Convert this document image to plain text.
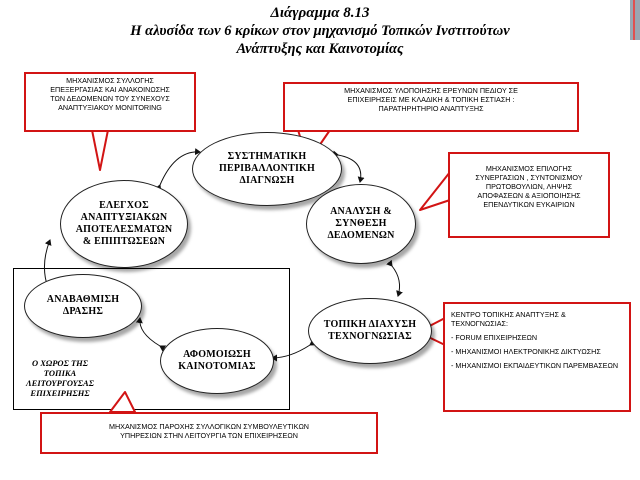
Διάγραμμα 8.13
Η αλυσίδα των 6 κρίκων στον μηχανισμό Τοπικών Ινστιτούτων
Ανάπτυξης και Καινοτομίας
ΜΗΧΑΝΙΣΜΟΣ ΣΥΛΛΟΓΗΣ
ΕΠΕΞΕΡΓΑΣΙΑΣ ΚΑΙ ΑΝΑΚΟΙΝΩΣΗΣ
ΤΩΝ ΔΕΔΟΜΕΝΩΝ ΤΟΥ ΣΥΝΕΧΟΥΣ
ΑΝΑΠΤΥΞΙΑΚΟΥ MONITORING
ΜΗΧΑΝΙΣΜΟΣ ΥΛΟΠΟΙΗΣΗΣ ΕΡΕΥΝΩΝ ΠΕΔΙΟΥ ΣΕ
ΕΠΙΧΕΙΡΗΣΕΙΣ ΜΕ ΚΛΑΔΙΚΗ & ΤΟΠΙΚΗ ΕΣΤΙΑΣΗ :
ΠΑΡΑΤΗΡΗΤΗΡΙΟ ΑΝΑΠΤΥΞΗΣ
ΜΗΧΑΝΙΣΜΟΣ ΕΠΙΛΟΓΗΣ
ΣΥΝΕΡΓΑΣΙΩΝ , ΣΥΝΤΟΝΙΣΜΟΥ
ΠΡΩΤΟΒΟΥΛΙΩΝ, ΛΗΨΗΣ
ΑΠΟΦΑΣΕΩΝ & ΑΞΙΟΠΟΙΗΣΗΣ
ΕΠΕΝΔΥΤΙΚΩΝ ΕΥΚΑΙΡΙΩΝ
ΚΕΝΤΡΟ ΤΟΠΙΚΗΣ ΑΝΑΠΤΥΞΗΣ &
ΤΕΧΝΟΓΝΩΣΙΑΣ:
- FORUM ΕΠΙΧΕΙΡΗΣΕΩΝ
- ΜΗΧΑΝΙΣΜΟΙ ΗΛΕΚΤΡΟΝΙΚΗΣ ΔΙΚΤΥΩΣΗΣ
- ΜΗΧΑΝΙΣΜΟΙ ΕΚΠΑΙΔΕΥΤΙΚΩΝ ΠΑΡΕΜΒΑΣΕΩΝ
ΜΗΧΑΝΙΣΜΟΣ ΠΑΡΟΧΗΣ ΣΥΛΛΟΓΙΚΩΝ ΣΥΜΒΟΥΛΕΥΤΙΚΩΝ
ΥΠΗΡΕΣΙΩΝ ΣΤΗΝ ΛΕΙΤΟΥΡΓΙΑ ΤΩΝ ΕΠΙΧΕΙΡΗΣΕΩΝ
ΣΥΣΤΗΜΑΤΙΚΗ
ΠΕΡΙΒΑΛΛΟΝΤΙΚΗ
ΔΙΑΓΝΩΣΗ
ΕΛΕΓΧΟΣ
ΑΝΑΠΤΥΞΙΑΚΩΝ
ΑΠΟΤΕΛΕΣΜΑΤΩΝ
& ΕΠΙΠΤΩΣΕΩΝ
ΑΝΑΛΥΣΗ &
ΣΥΝΘΕΣΗ
ΔΕΔΟΜΕΝΩΝ
ΤΟΠΙΚΗ ΔΙΑΧΥΣΗ
ΤΕΧΝΟΓΝΩΣΙΑΣ
ΑΝΑΒΑΘΜΙΣΗ
ΔΡΑΣΗΣ
ΑΦΟΜΟΙΩΣΗ
ΚΑΙΝΟΤΟΜΙΑΣ
Ο ΧΩΡΟΣ ΤΗΣ
ΤΟΠΙΚΑ
ΛΕΙΤΟΥΡΓΟΥΣΑΣ
ΕΠΙΧΕΙΡΗΣΗΣ
